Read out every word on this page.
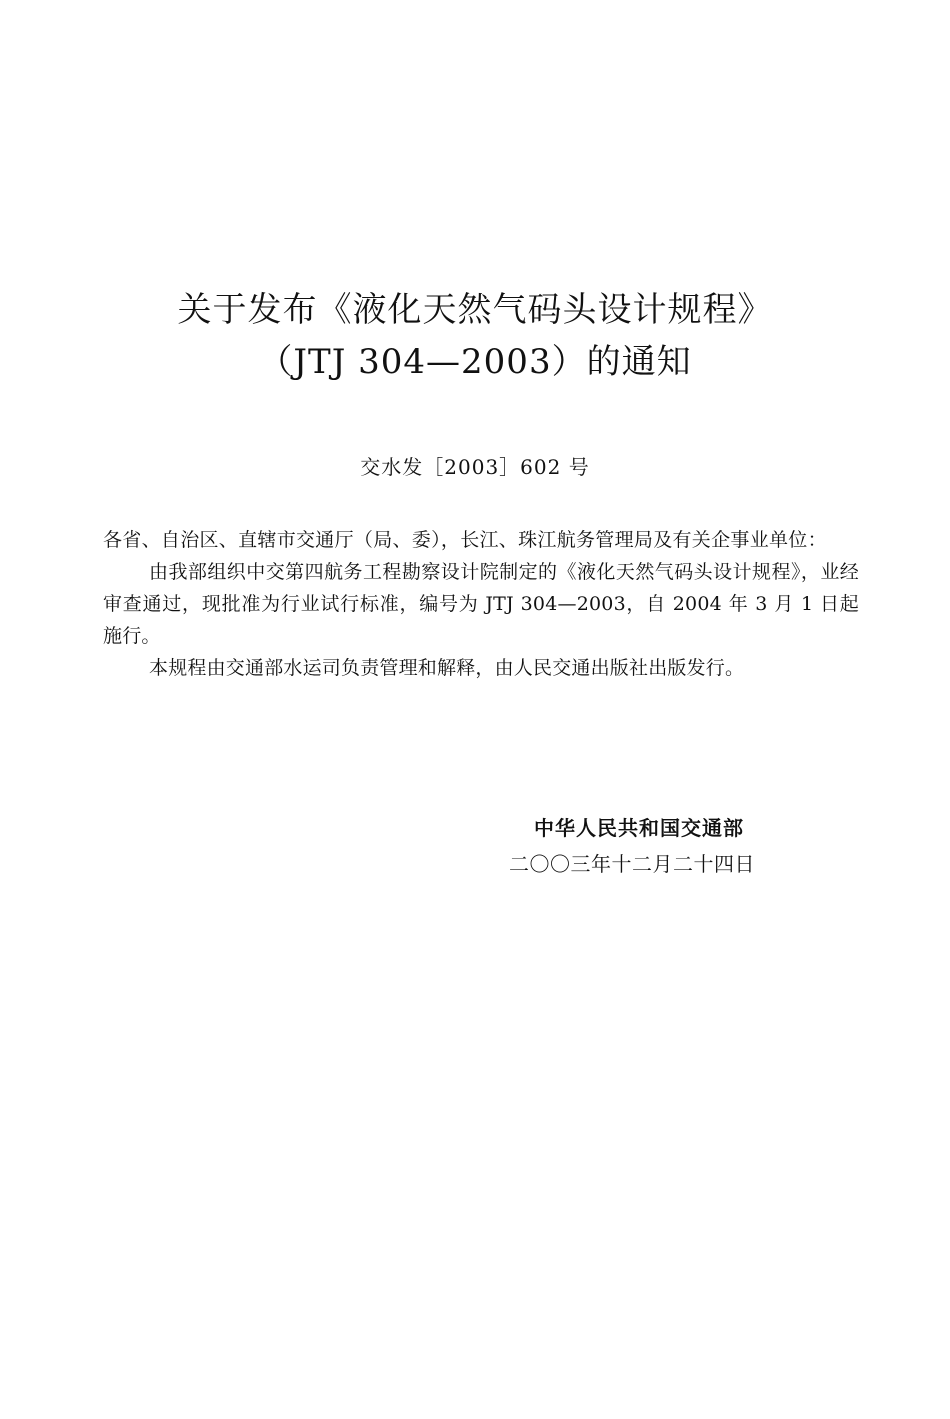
关于发布《液化天然气码头设计规程》
（JTJ 304—2003）的通知
交水发［2003］602 号

各省、自治区、直辖市交通厅（局、委），长江、珠江航务管理局及有关企事业单位：

由我部组织中交第四航务工程勘察设计院制定的《液化天然气码头设计规程》，业经审查通过，现批准为行业试行标准，编号为 JTJ 304—2003，自 2004 年 3 月 1 日起施行。

本规程由交通部水运司负责管理和解释，由人民交通出版社出版发行。

中华人民共和国交通部
二〇〇三年十二月二十四日
